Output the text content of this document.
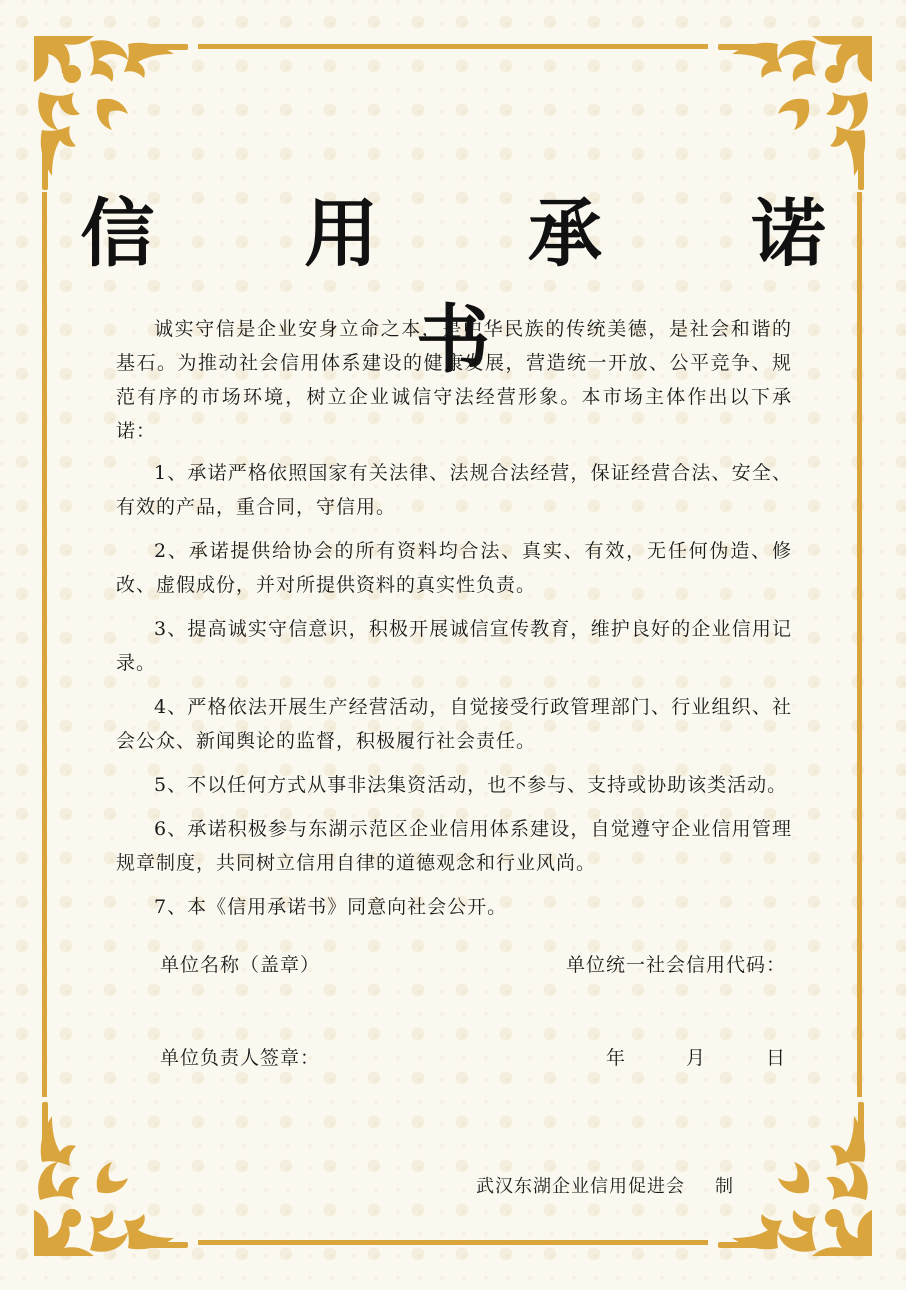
信 用 承 诺 书

诚实守信是企业安身立命之本，是中华民族的传统美德，是社会和谐的基石。为推动社会信用体系建设的健康发展，营造统一开放、公平竞争、规范有序的市场环境，树立企业诚信守法经营形象。本市场主体作出以下承诺：

1、承诺严格依照国家有关法律、法规合法经营，保证经营合法、安全、有效的产品，重合同，守信用。

2、承诺提供给协会的所有资料均合法、真实、有效，无任何伪造、修改、虚假成份，并对所提供资料的真实性负责。

3、提高诚实守信意识，积极开展诚信宣传教育，维护良好的企业信用记录。

4、严格依法开展生产经营活动，自觉接受行政管理部门、行业组织、社会公众、新闻舆论的监督，积极履行社会责任。

5、不以任何方式从事非法集资活动，也不参与、支持或协助该类活动。

6、承诺积极参与东湖示范区企业信用体系建设，自觉遵守企业信用管理规章制度，共同树立信用自律的道德观念和行业风尚。

7、本《信用承诺书》同意向社会公开。

单位名称（盖章）	单位统一社会信用代码：
单位负责人签章：	年	月	日
武汉东湖企业信用促进会 制
